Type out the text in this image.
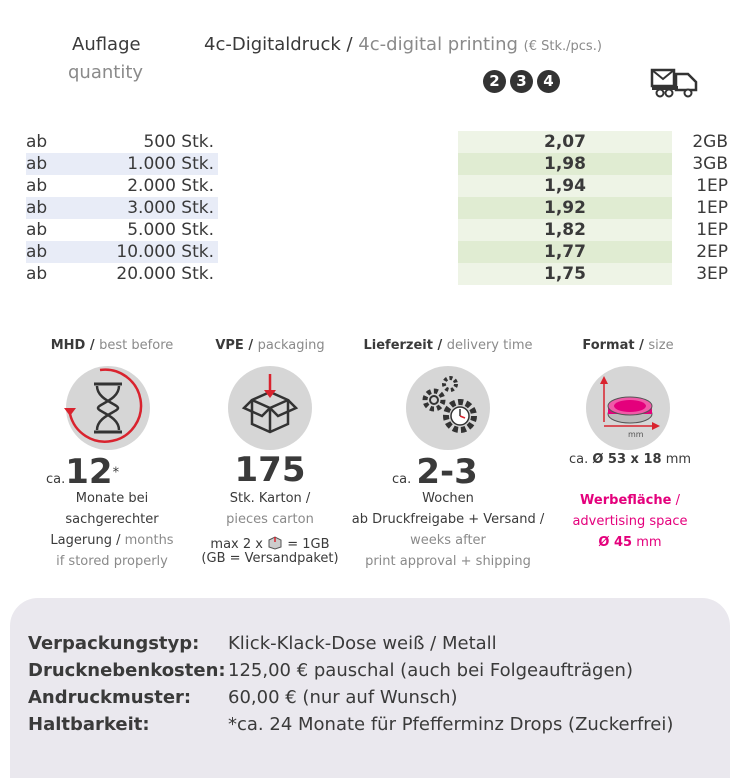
Auflage
quantity
4c-Digitaldruck / 4c-digital printing (€ Stk./pcs.)
2	3	4
ab	500 Stk.		2,07	2GB
ab	1.000 Stk.		1,98	3GB
ab	2.000 Stk.		1,94	1EP
ab	3.000 Stk.		1,92	1EP
ab	5.000 Stk.		1,82	1EP
ab	10.000 Stk.		1,77	2EP
ab	20.000 Stk.		1,75	3EP
MHD / best before
ca.12*
Monate bei
sachgerechter
Lagerung / months
if stored properly
VPE / packaging
175
Stk. Karton /
pieces carton
max 2 x = 1GB
(GB = Versandpaket)
Lieferzeit / delivery time
ca. 2-3
Wochen
ab Druckfreigabe + Versand /
weeks after
print approval + shipping
Format / size
mm
ca. Ø 53 x 18 mm
Werbefläche /
advertising space
Ø 45 mm
Verpackungstyp:	Klick-Klack-Dose weiß / Metall
Drucknebenkosten:	125,00 € pauschal (auch bei Folgeaufträgen)
Andruckmuster:	60,00 € (nur auf Wunsch)
Haltbarkeit:	*ca. 24 Monate für Pfefferminz Drops (Zuckerfrei)
